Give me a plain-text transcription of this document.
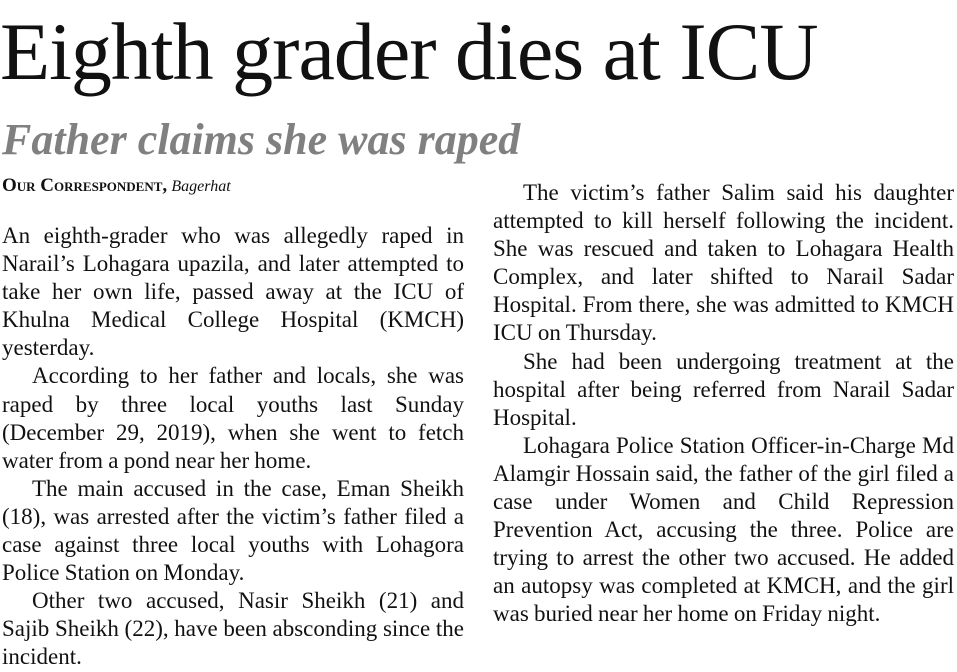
Eighth grader dies at ICU
Father claims she was raped
Our Correspondent, Bagerhat

An eighth-grader who was allegedly raped in Narail’s Lohagara upazila, and later attempted to take her own life, passed away at the ICU of Khulna Medical College Hospital (KMCH) yesterday.

According to her father and locals, she was raped by three local youths last Sunday (December 29, 2019), when she went to fetch water from a pond near her home.

The main accused in the case, Eman Sheikh (18), was arrested after the victim’s father filed a case against three local youths with Lohagora Police Station on Monday.

Other two accused, Nasir Sheikh (21) and Sajib Sheikh (22), have been absconding since the incident.

The victim’s father Salim said his daughter attempted to kill herself following the incident. She was rescued and taken to Lohagara Health Complex, and later shifted to Narail Sadar Hospital. From there, she was admitted to KMCH ICU on Thursday.

She had been undergoing treatment at the hospital after being referred from Narail Sadar Hospital.

Lohagara Police Station Officer-in-Charge Md Alamgir Hossain said, the father of the girl filed a case under Women and Child Repression Prevention Act, accusing the three. Police are trying to arrest the other two accused. He added an autopsy was completed at KMCH, and the girl was buried near her home on Friday night.
